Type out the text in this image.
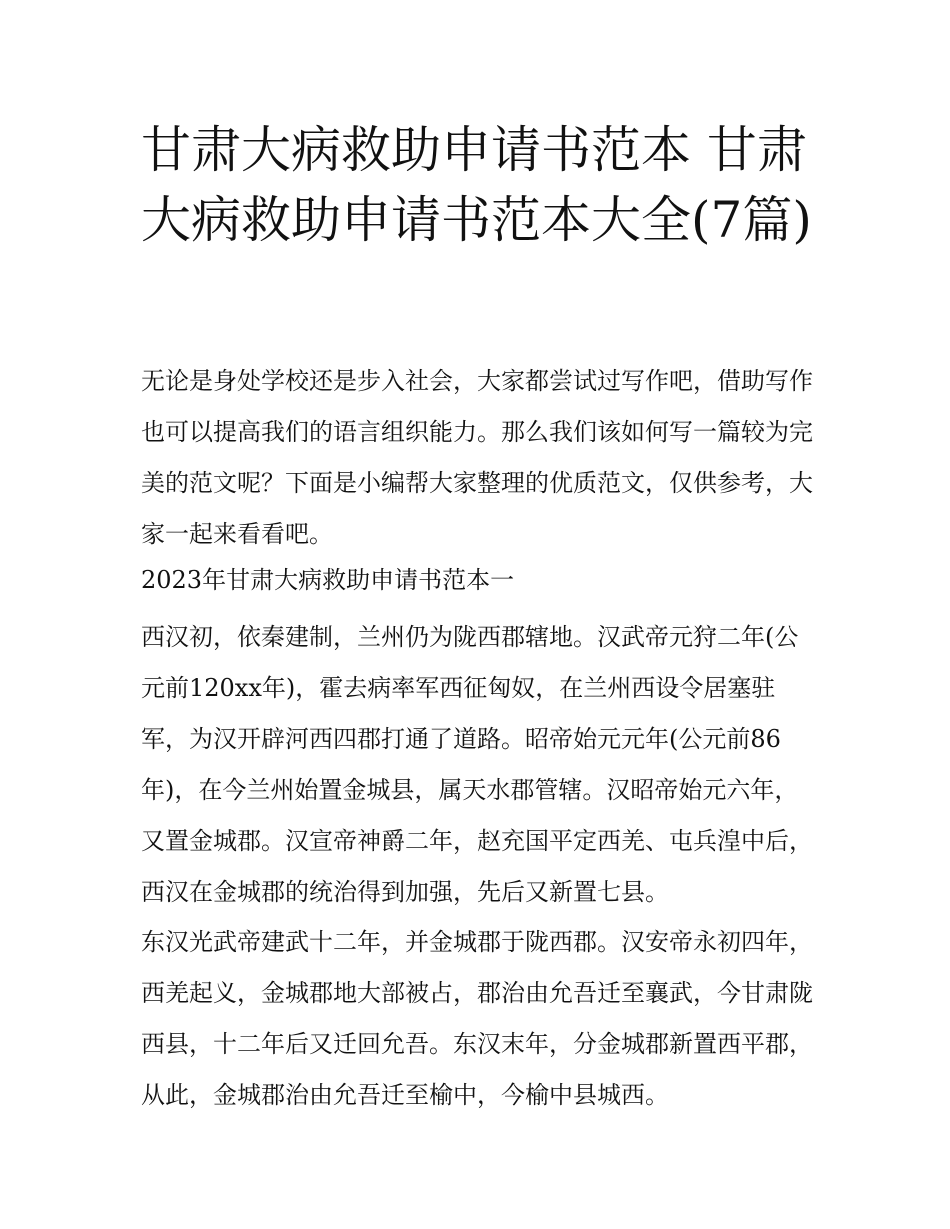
甘肃大病救助申请书范本 甘肃大病救助申请书范本大全(7篇)

无论是身处学校还是步入社会，大家都尝试过写作吧，借助写作也可以提高我们的语言组织能力。那么我们该如何写一篇较为完美的范文呢？下面是小编帮大家整理的优质范文，仅供参考，大家一起来看看吧。

2023年甘肃大病救助申请书范本一

西汉初，依秦建制，兰州仍为陇西郡辖地。汉武帝元狩二年(公元前120xx年)，霍去病率军西征匈奴，在兰州西设令居塞驻军，为汉开辟河西四郡打通了道路。昭帝始元元年(公元前86年)，在今兰州始置金城县，属天水郡管辖。汉昭帝始元六年，又置金城郡。汉宣帝神爵二年，赵充国平定西羌、屯兵湟中后，西汉在金城郡的统治得到加强，先后又新置七县。

东汉光武帝建武十二年，并金城郡于陇西郡。汉安帝永初四年，西羌起义，金城郡地大部被占，郡治由允吾迁至襄武，今甘肃陇西县，十二年后又迁回允吾。东汉末年，分金城郡新置西平郡，从此，金城郡治由允吾迁至榆中，今榆中县城西。
